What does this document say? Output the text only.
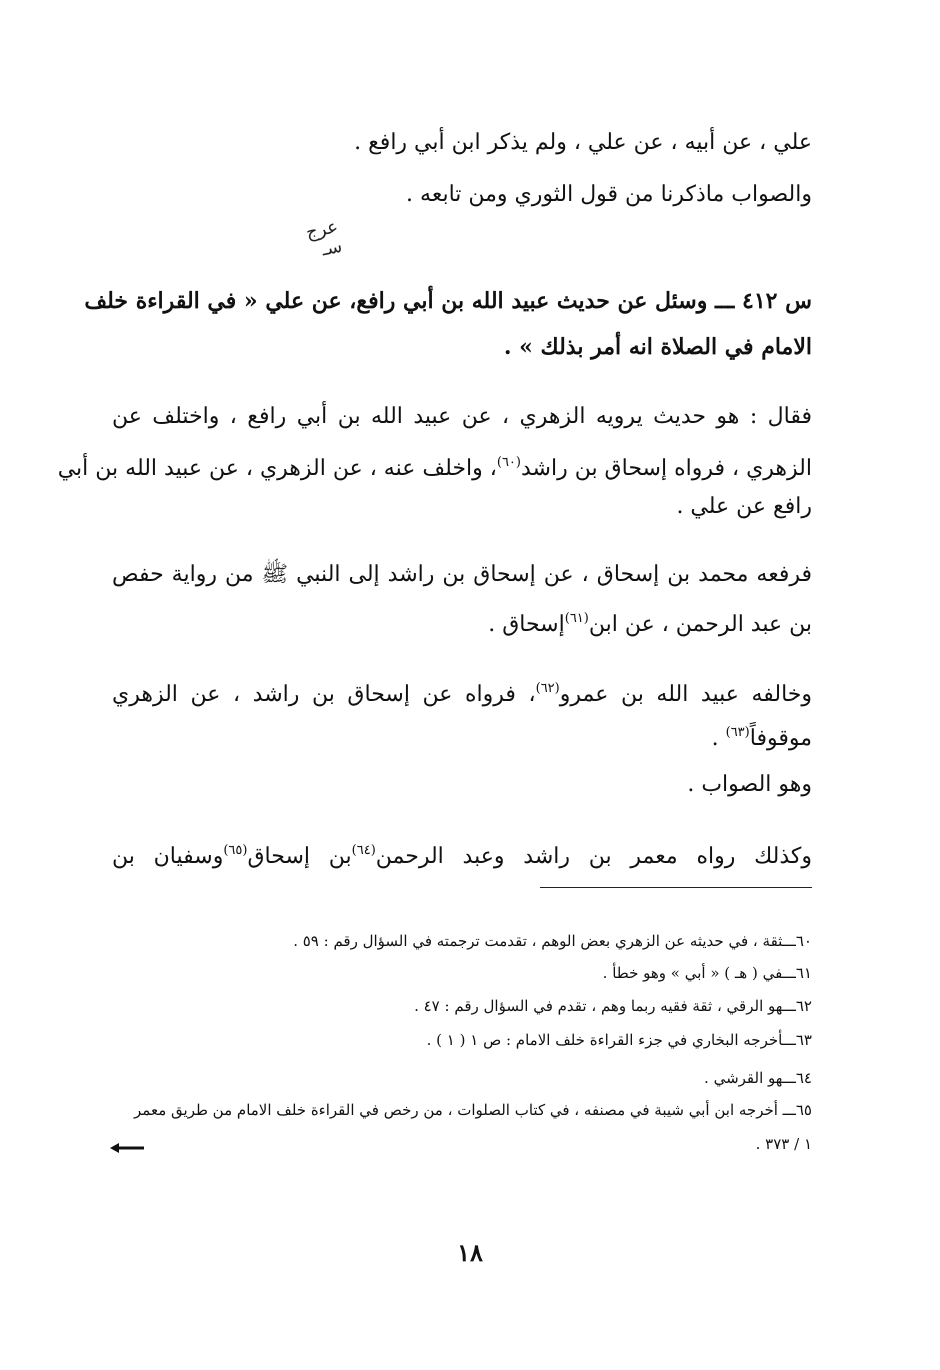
علي ، عن أبيه ، عن علي ، ولم يذكر ابن أبي رافع .
والصواب ماذكرنا من قول الثوري ومن تابعه .
عرج
سـ
س ٤١٢ ـــ وسئل عن حديث عبيد الله بن أبي رافع، عن علي « في القراءة خلف
الامام في الصلاة انه أمر بذلك » .
فقال : هو حديث يرويه الزهري ، عن عبيد الله بن أبي رافع ، واختلف عن
الزهري ، فرواه إسحاق بن راشد$^{(٦٠)}$، واخلف عنه ، عن الزهري ، عن عبيد الله بن أبي
رافع عن علي .
فرفعه محمد بن إسحاق ، عن إسحاق بن راشد إلى النبي ﷺ من رواية حفص
بن عبد الرحمن ، عن ابن$^{(٦١)}$إسحاق .
وخالفه عبيد الله بن عمرو$^{(٦٢)}$، فرواه عن إسحاق بن راشد ، عن الزهري
موقوفاً$^{(٦٣)}$ .
وهو الصواب .
وكذلك رواه معمر بن راشد وعبد الرحمن$^{(٦٤)}$بن إسحاق$^{(٦٥)}$وسفيان بن
٦٠ـــثقة ، في حديثه عن الزهري بعض الوهم ، تقدمت ترجمته في السؤال رقم : ٥٩ .
٦١ـــفي ( هـ ) « أبي » وهو خطأ .
٦٢ـــهو الرقي ، ثقة فقيه ربما وهم ، تقدم في السؤال رقم : ٤٧ .
٦٣ـــأخرجه البخاري في جزء القراءة خلف الامام : ص ١ ( ١ ) .
٦٤ـــهو القرشي .
٦٥ـــ أخرجه ابن أبي شيبة في مصنفه ، في كتاب الصلوات ، من رخص في القراءة خلف الامام من طريق معمر
١ / ٣٧٣ .
١٨
